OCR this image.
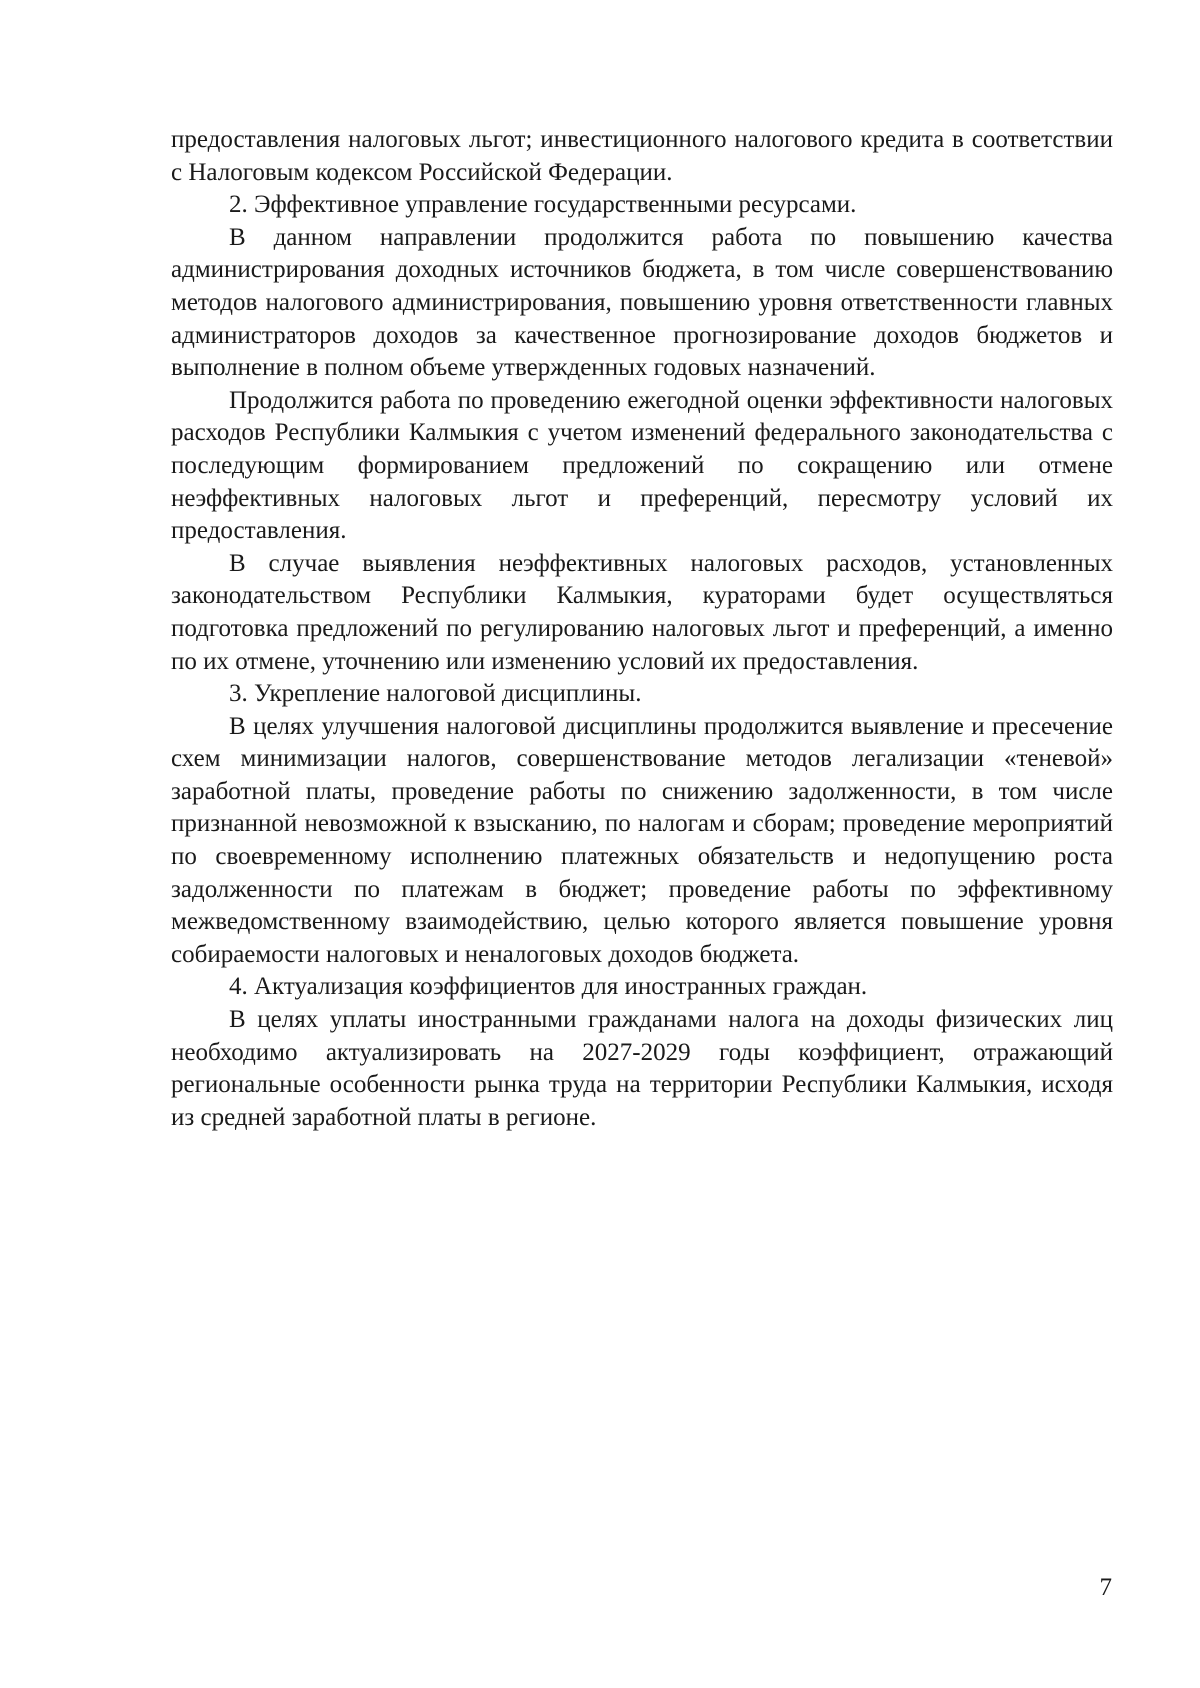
предоставления налоговых льгот; инвестиционного налогового кредита в соответствии с Налоговым кодексом Российской Федерации.

2. Эффективное управление государственными ресурсами.

В данном направлении продолжится работа по повышению качества администрирования доходных источников бюджета, в том числе совершенствованию методов налогового администрирования, повышению уровня ответственности главных администраторов доходов за качественное прогнозирование доходов бюджетов и выполнение в полном объеме утвержденных годовых назначений.

Продолжится работа по проведению ежегодной оценки эффективности налоговых расходов Республики Калмыкия с учетом изменений федерального законодательства с последующим формированием предложений по сокращению или отмене неэффективных налоговых льгот и преференций, пересмотру условий их предоставления.

В случае выявления неэффективных налоговых расходов, установленных законодательством Республики Калмыкия, кураторами будет осуществляться подготовка предложений по регулированию налоговых льгот и преференций, а именно по их отмене, уточнению или изменению условий их предоставления.

3. Укрепление налоговой дисциплины.

В целях улучшения налоговой дисциплины продолжится выявление и пресечение схем минимизации налогов, совершенствование методов легализации «теневой» заработной платы, проведение работы по снижению задолженности, в том числе признанной невозможной к взысканию, по налогам и сборам; проведение мероприятий по своевременному исполнению платежных обязательств и недопущению роста задолженности по платежам в бюджет; проведение работы по эффективному межведомственному взаимодействию, целью которого является повышение уровня собираемости налоговых и неналоговых доходов бюджета.

4. Актуализация коэффициентов для иностранных граждан.

В целях уплаты иностранными гражданами налога на доходы физических лиц необходимо актуализировать на 2027-2029 годы коэффициент, отражающий региональные особенности рынка труда на территории Республики Калмыкия, исходя из средней заработной платы в регионе.

7
